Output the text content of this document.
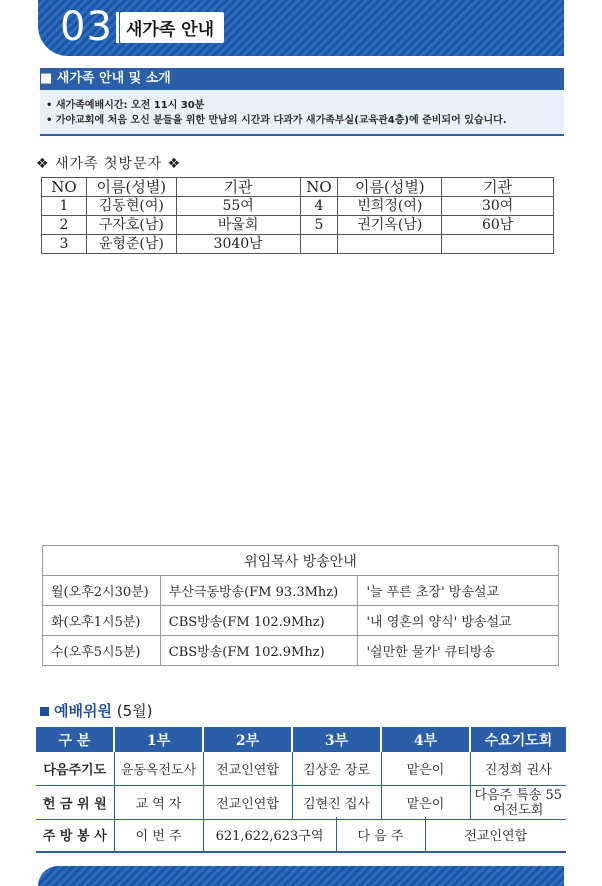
03 새가족 안내
■ 새가족 안내 및 소개
• 새가족예배시간: 오전 11시 30분
• 가야교회에 처음 오신 분들을 위한 만남의 시간과 다과가 새가족부실(교육관4층)에 준비되어 있습니다.
❖ 새가족 첫방문자 ❖
NO	이름(성별)	기관	NO	이름(성별)	기관
1	김동현(여)	55여	4	빈희정(여)	30여
2	구자호(남)	바울회	5	권기옥(남)	60남
3	윤형준(남)	3040남			
위임목사 방송안내		
월(오후2시30분)	부산극동방송(FM 93.3Mhz)	'늘 푸른 초장' 방송설교
화(오후1시5분)	CBS방송(FM 102.9Mhz)	'내 영혼의 양식' 방송설교
수(오후5시5분)	CBS방송(FM 102.9Mhz)	'쉴만한 물가' 큐티방송
예배위원 (5월)
구 분	1부	2부	3부	4부	수요기도회
다음주기도	윤동옥전도사	전교인연합	김상운 장로	맡은이	진정희 권사
헌 금 위 원	교 역 자	전교인연합	김현진 집사	맡은이	다음주 특송 55여전도회
주 방 봉 사	이 번 주	621,622,623구역	다 음 주	전교인연합
